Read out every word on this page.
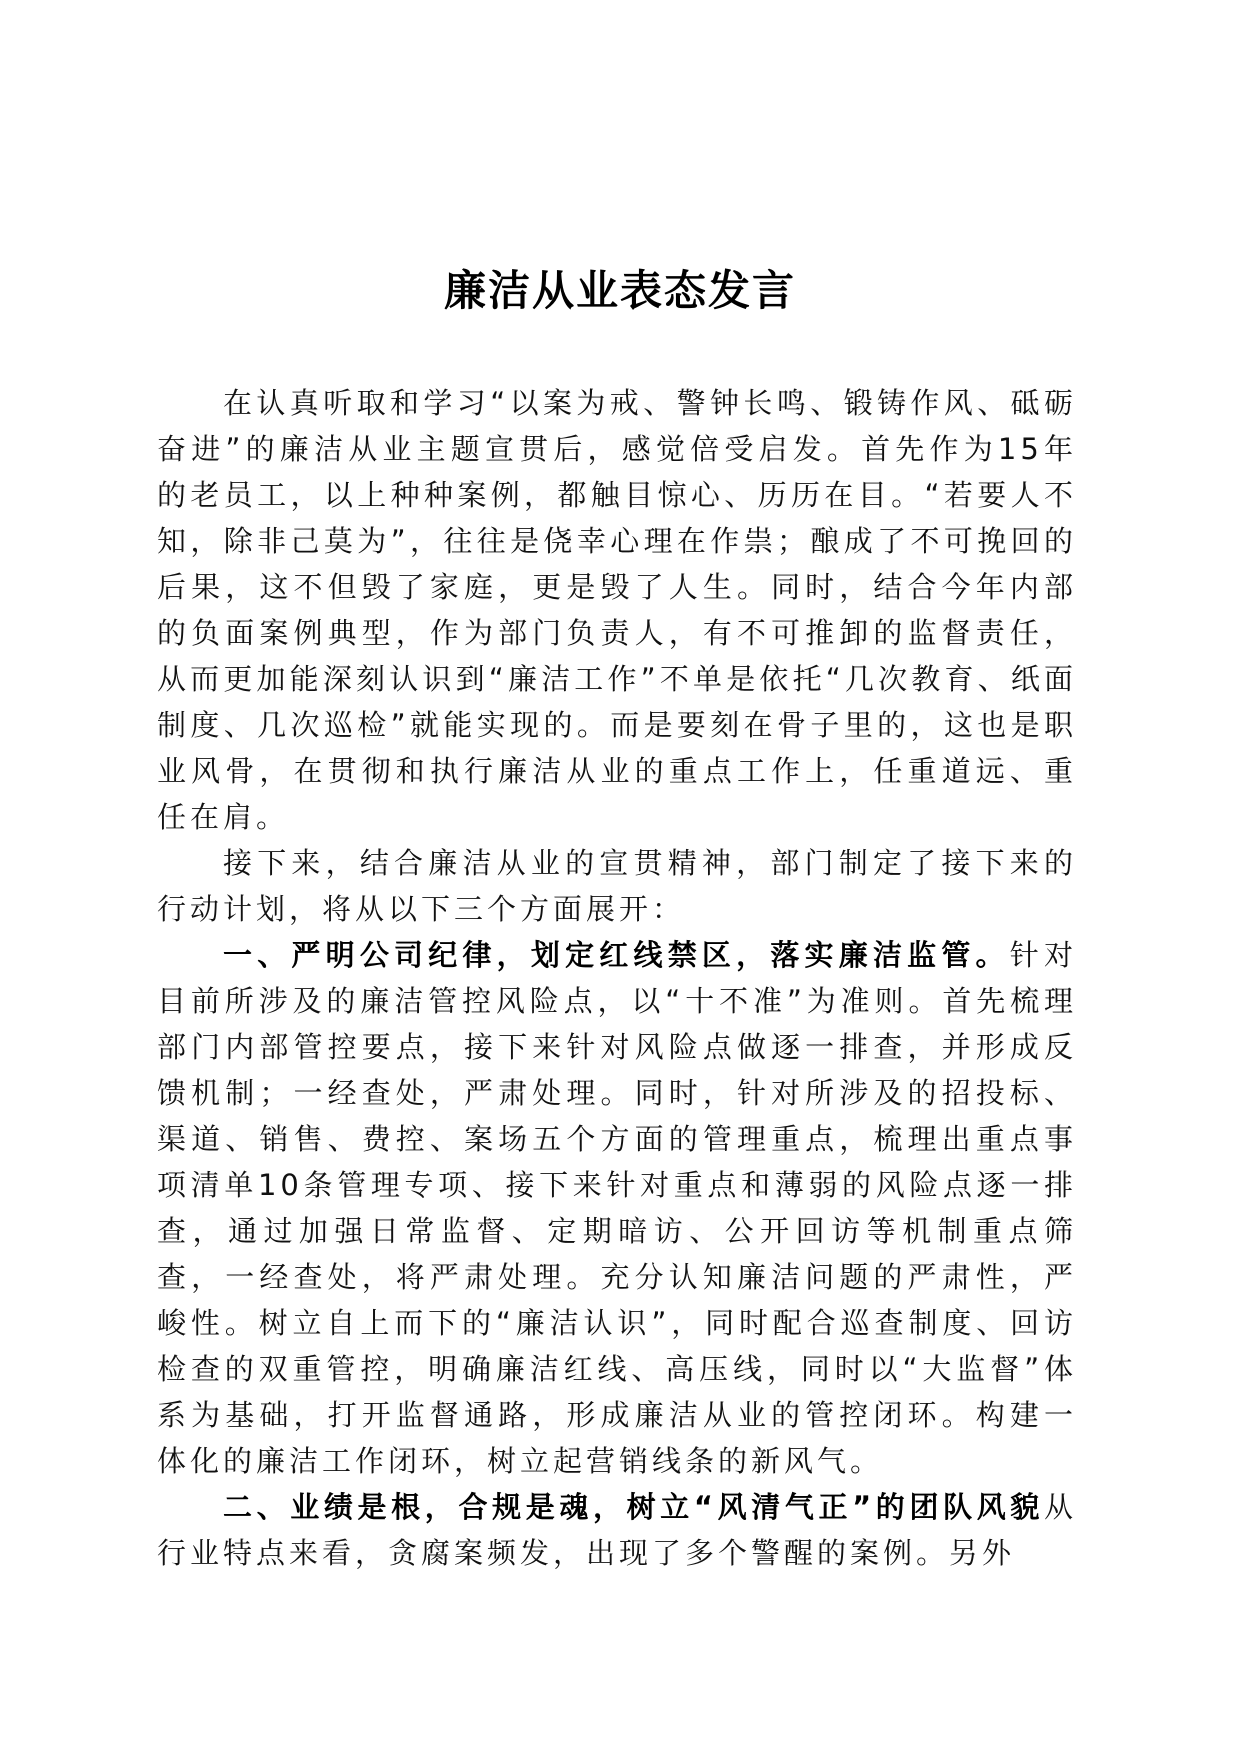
廉洁从业表态发言

在认真听取和学习“以案为戒、警钟长鸣、锻铸作风、砥砺奋进”的廉洁从业主题宣贯后，感觉倍受启发。首先作为15年的老员工，以上种种案例，都触目惊心、历历在目。“若要人不知，除非己莫为”，往往是侥幸心理在作祟；酿成了不可挽回的后果，这不但毁了家庭，更是毁了人生。同时，结合今年内部的负面案例典型，作为部门负责人，有不可推卸的监督责任，从而更加能深刻认识到“廉洁工作”不单是依托“几次教育、纸面制度、几次巡检”就能实现的。而是要刻在骨子里的，这也是职业风骨，在贯彻和执行廉洁从业的重点工作上，任重道远、重任在肩。

接下来，结合廉洁从业的宣贯精神，部门制定了接下来的行动计划，将从以下三个方面展开：

一、严明公司纪律，划定红线禁区，落实廉洁监管。针对目前所涉及的廉洁管控风险点，以“十不准”为准则。首先梳理部门内部管控要点，接下来针对风险点做逐一排查，并形成反馈机制；一经查处，严肃处理。同时，针对所涉及的招投标、渠道、销售、费控、案场五个方面的管理重点，梳理出重点事项清单10条管理专项、接下来针对重点和薄弱的风险点逐一排查，通过加强日常监督、定期暗访、公开回访等机制重点筛查，一经查处，将严肃处理。充分认知廉洁问题的严肃性，严峻性。树立自上而下的“廉洁认识”，同时配合巡查制度、回访检查的双重管控，明确廉洁红线、高压线，同时以“大监督”体系为基础，打开监督通路，形成廉洁从业的管控闭环。构建一体化的廉洁工作闭环，树立起营销线条的新风气。

二、业绩是根，合规是魂，树立“风清气正”的团队风貌从行业特点来看，贪腐案频发，出现了多个警醒的案例。另外
